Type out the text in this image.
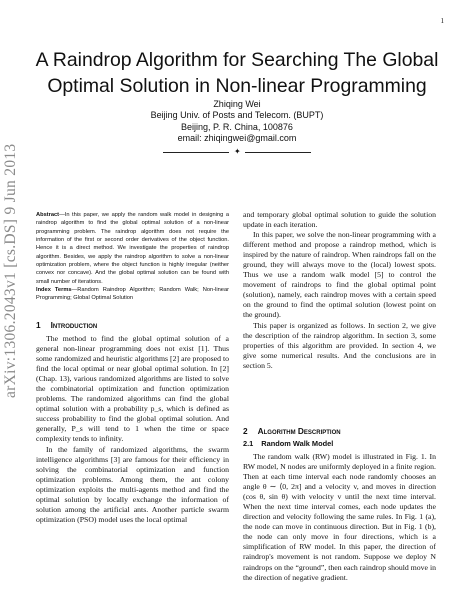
1
arXiv:1306.2043v1 [cs.DS] 9 Jun 2013
A Raindrop Algorithm for Searching The Global
Optimal Solution in Non-linear Programming
Zhiqing Wei
Beijing Univ. of Posts and Telecom. (BUPT)
Beijing, P. R. China, 100876
email: zhiqingwei@gmail.com
✦
Abstract—In this paper, we apply the random walk model in designing a raindrop algorithm to find the global optimal solution of a non-linear programming problem. The raindrop algorithm does not require the information of the first or second order derivatives of the object function. Hence it is a direct method. We investigate the properties of raindrop algorithm. Besides, we apply the raindrop algorithm to solve a non-linear optimization problem, where the object function is highly irregular (neither convex nor concave). And the global optimal solution can be found with small number of iterations.
Index Terms—Random Raindrop Algorithm; Random Walk; Non-linear Programming; Global Optimal Solution
1 Introduction

The method to find the global optimal solution of a general non-linear programming does not exist [1]. Thus some randomized and heuristic algorithms [2] are proposed to find the local optimal or near global optimal solution. In [2] (Chap. 13), various randomized algorithms are listed to solve the combinatorial optimization and function optimization problems. The randomized algorithms can find the global optimal solution with a probability p_s, which is defined as success probability to find the global optimal solution. And generally, P_s will tend to 1 when the time or space complexity tends to infinity.

In the family of randomized algorithms, the swarm intelligence algorithms [3] are famous for their efficiency in solving the combinatorial optimization and function optimization problems. Among them, the ant colony optimization exploits the multi-agents method and find the optimal solution by locally exchange the information of solution among the artificial ants. Another particle swarm optimization (PSO) model uses the local optimal

and temporary global optimal solution to guide the solution update in each iteration.

In this paper, we solve the non-linear programming with a different method and propose a raindrop method, which is inspired by the nature of raindrop. When raindrops fall on the ground, they will always move to the (local) lowest spots. Thus we use a random walk model [5] to control the movement of raindrops to find the global optimal point (solution), namely, each raindrop moves with a certain speed on the ground to find the optimal solution (lowest point on the ground).

This paper is organized as follows. In section 2, we give the description of the raindrop algorithm. In section 3, some properties of this algorithm are provided. In section 4, we give some numerical results. And the conclusions are in section 5.

2 Algorithm Description
2.1 Random Walk Model

The random walk (RW) model is illustrated in Fig. 1. In RW model, N nodes are uniformly deployed in a finite region. Then at each time interval each node randomly chooses an angle θ ∼ ⟨0, 2π] and a velocity v, and moves in direction (cos θ, sin θ) with velocity v until the next time interval. When the next time interval comes, each node updates the direction and velocity following the same rules. In Fig. 1 (a), the node can move in continuous direction. But in Fig. 1 (b), the node can only move in four directions, which is a simplification of RW model. In this paper, the direction of raindrop's movement is not random. Suppose we deploy N raindrops on the “ground”, then each raindrop should move in the direction of negative gradient.
